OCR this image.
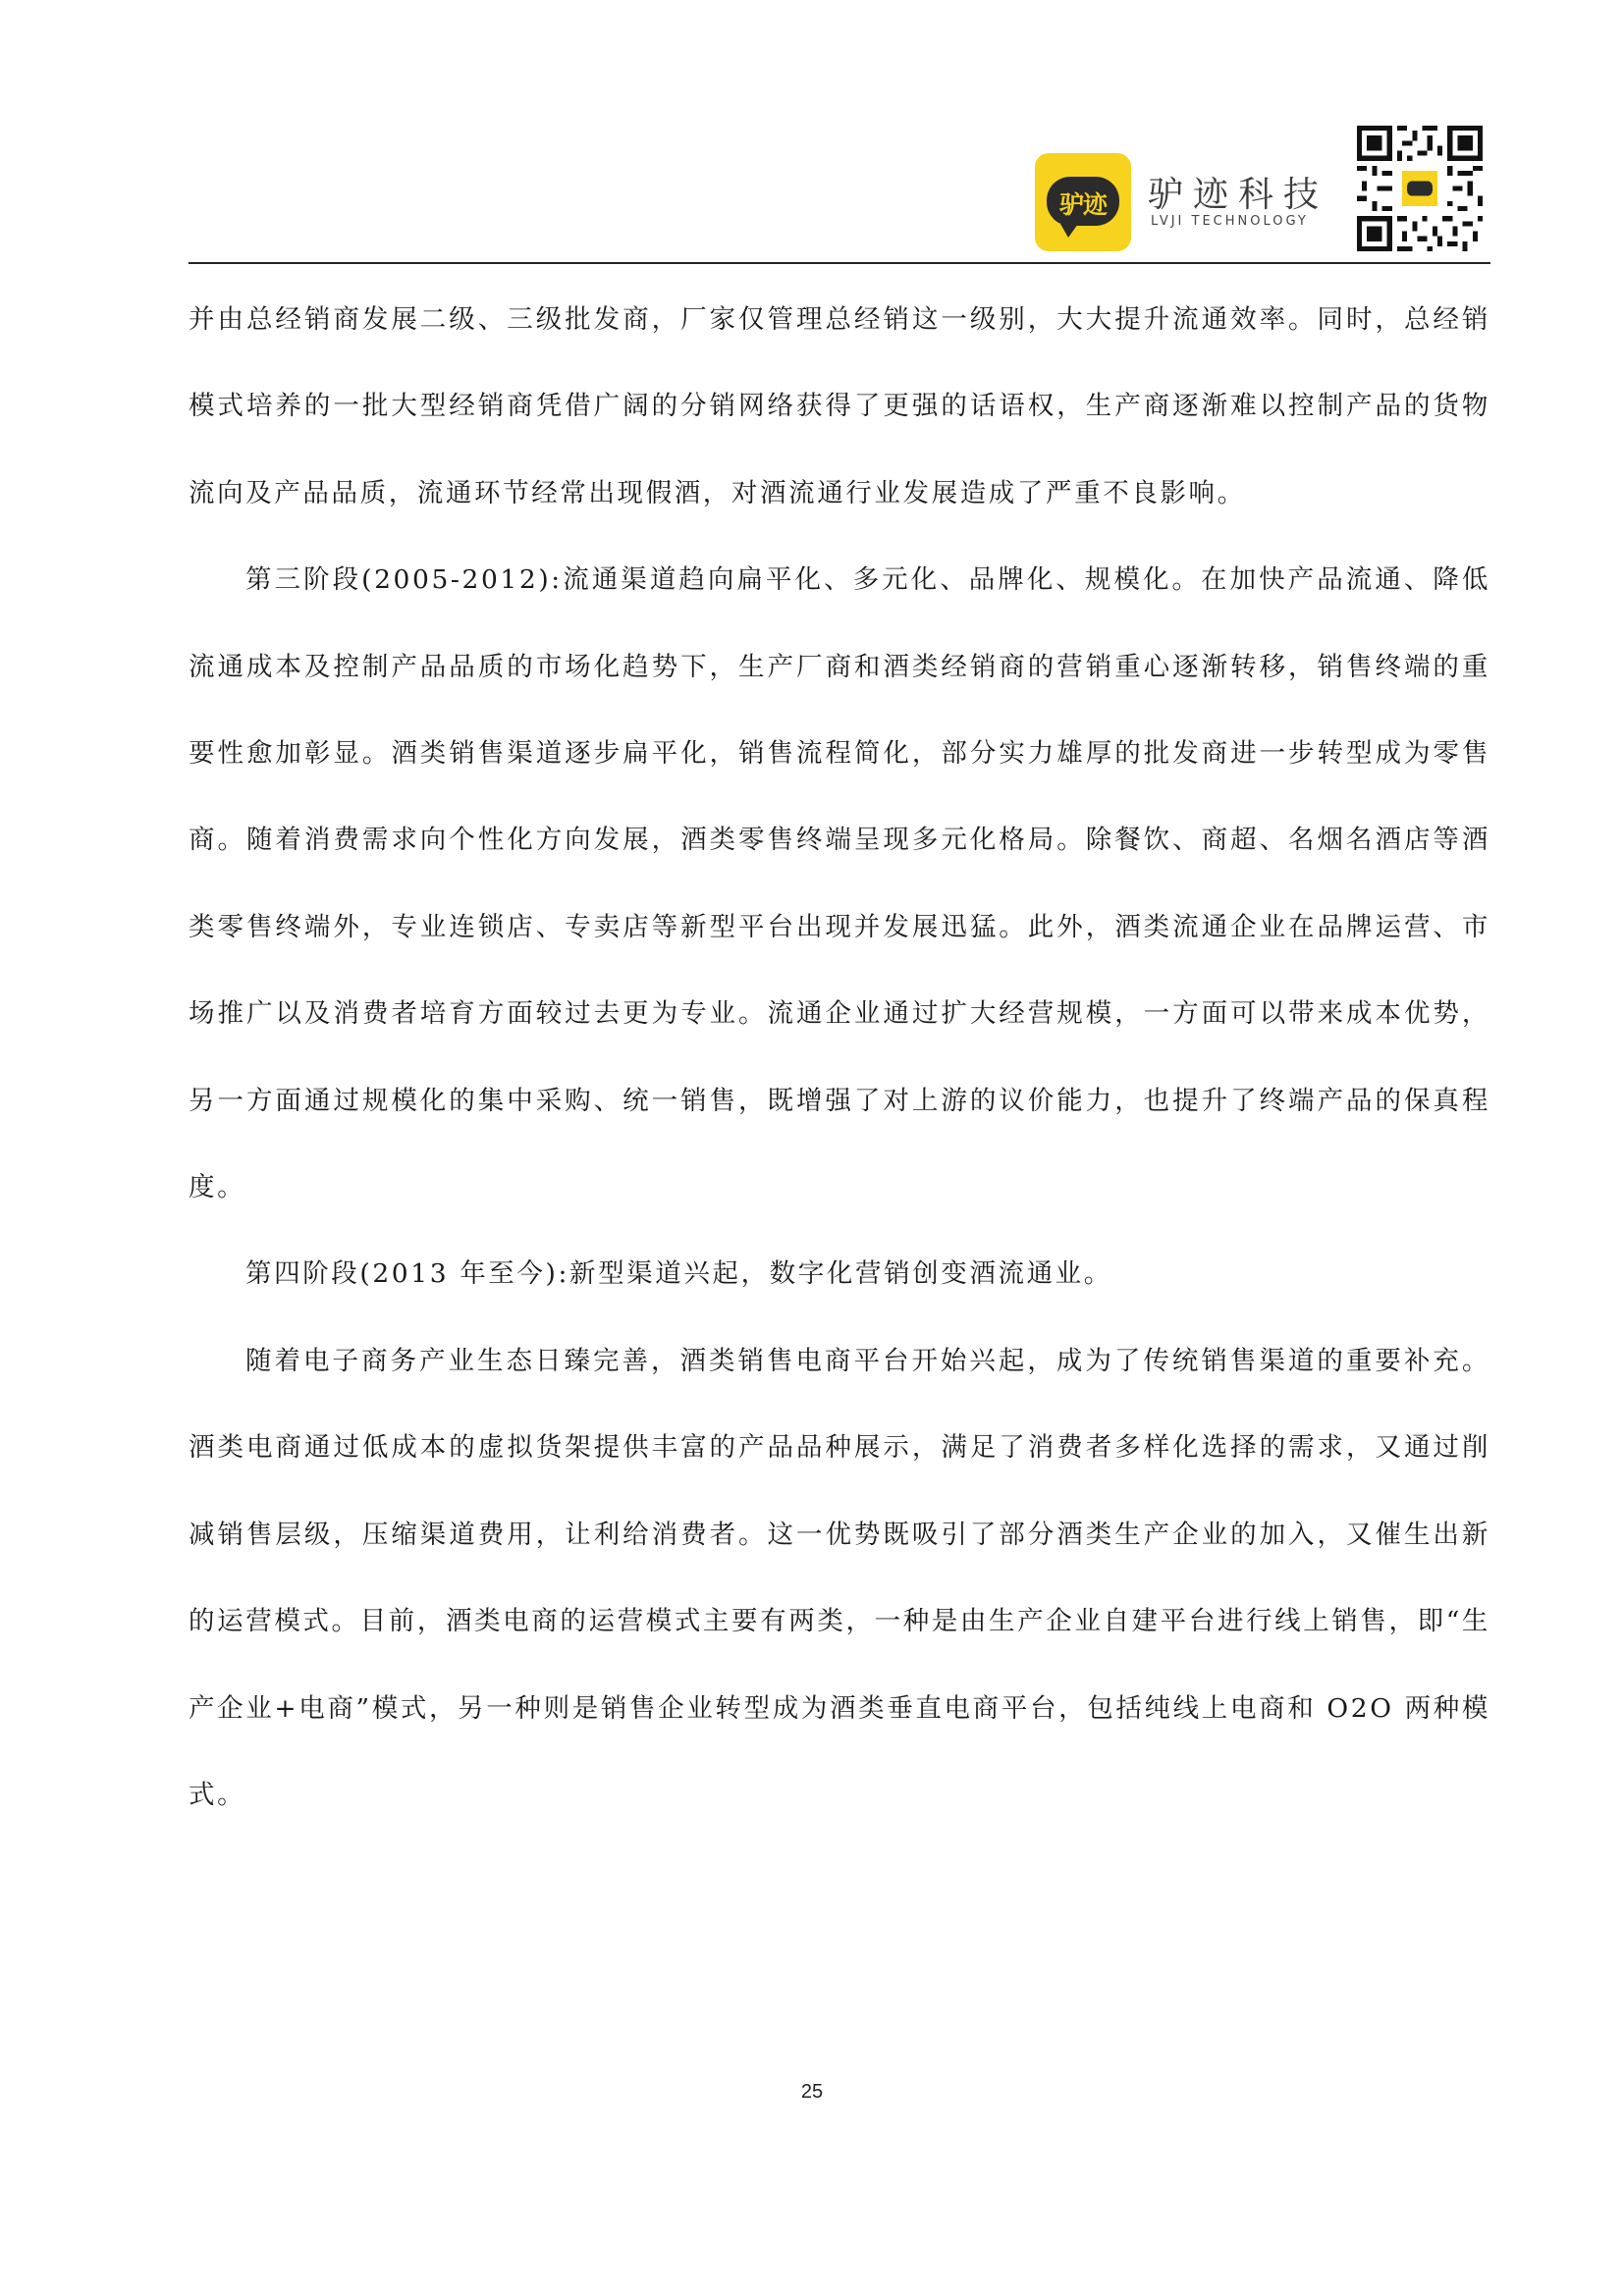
驴迹	驴迹科技
LVJI TECHNOLOGY

并由总经销商发展二级、三级批发商，厂家仅管理总经销这一级别，大大提升流通效率。同时，总经销模式培养的一批大型经销商凭借广阔的分销网络获得了更强的话语权，生产商逐渐难以控制产品的货物流向及产品品质，流通环节经常出现假酒，对酒流通行业发展造成了严重不良影响。

第三阶段(2005-2012):流通渠道趋向扁平化、多元化、品牌化、规模化。在加快产品流通、降低流通成本及控制产品品质的市场化趋势下，生产厂商和酒类经销商的营销重心逐渐转移，销售终端的重要性愈加彰显。酒类销售渠道逐步扁平化，销售流程简化，部分实力雄厚的批发商进一步转型成为零售商。随着消费需求向个性化方向发展，酒类零售终端呈现多元化格局。除餐饮、商超、名烟名酒店等酒类零售终端外，专业连锁店、专卖店等新型平台出现并发展迅猛。此外，酒类流通企业在品牌运营、市场推广以及消费者培育方面较过去更为专业。流通企业通过扩大经营规模，一方面可以带来成本优势，另一方面通过规模化的集中采购、统一销售，既增强了对上游的议价能力，也提升了终端产品的保真程度。

第四阶段(2013 年至今):新型渠道兴起，数字化营销创变酒流通业。

随着电子商务产业生态日臻完善，酒类销售电商平台开始兴起，成为了传统销售渠道的重要补充。酒类电商通过低成本的虚拟货架提供丰富的产品品种展示，满足了消费者多样化选择的需求，又通过削减销售层级，压缩渠道费用，让利给消费者。这一优势既吸引了部分酒类生产企业的加入，又催生出新的运营模式。目前，酒类电商的运营模式主要有两类，一种是由生产企业自建平台进行线上销售，即“生产企业+电商”模式，另一种则是销售企业转型成为酒类垂直电商平台，包括纯线上电商和 O2O 两种模式。

25
